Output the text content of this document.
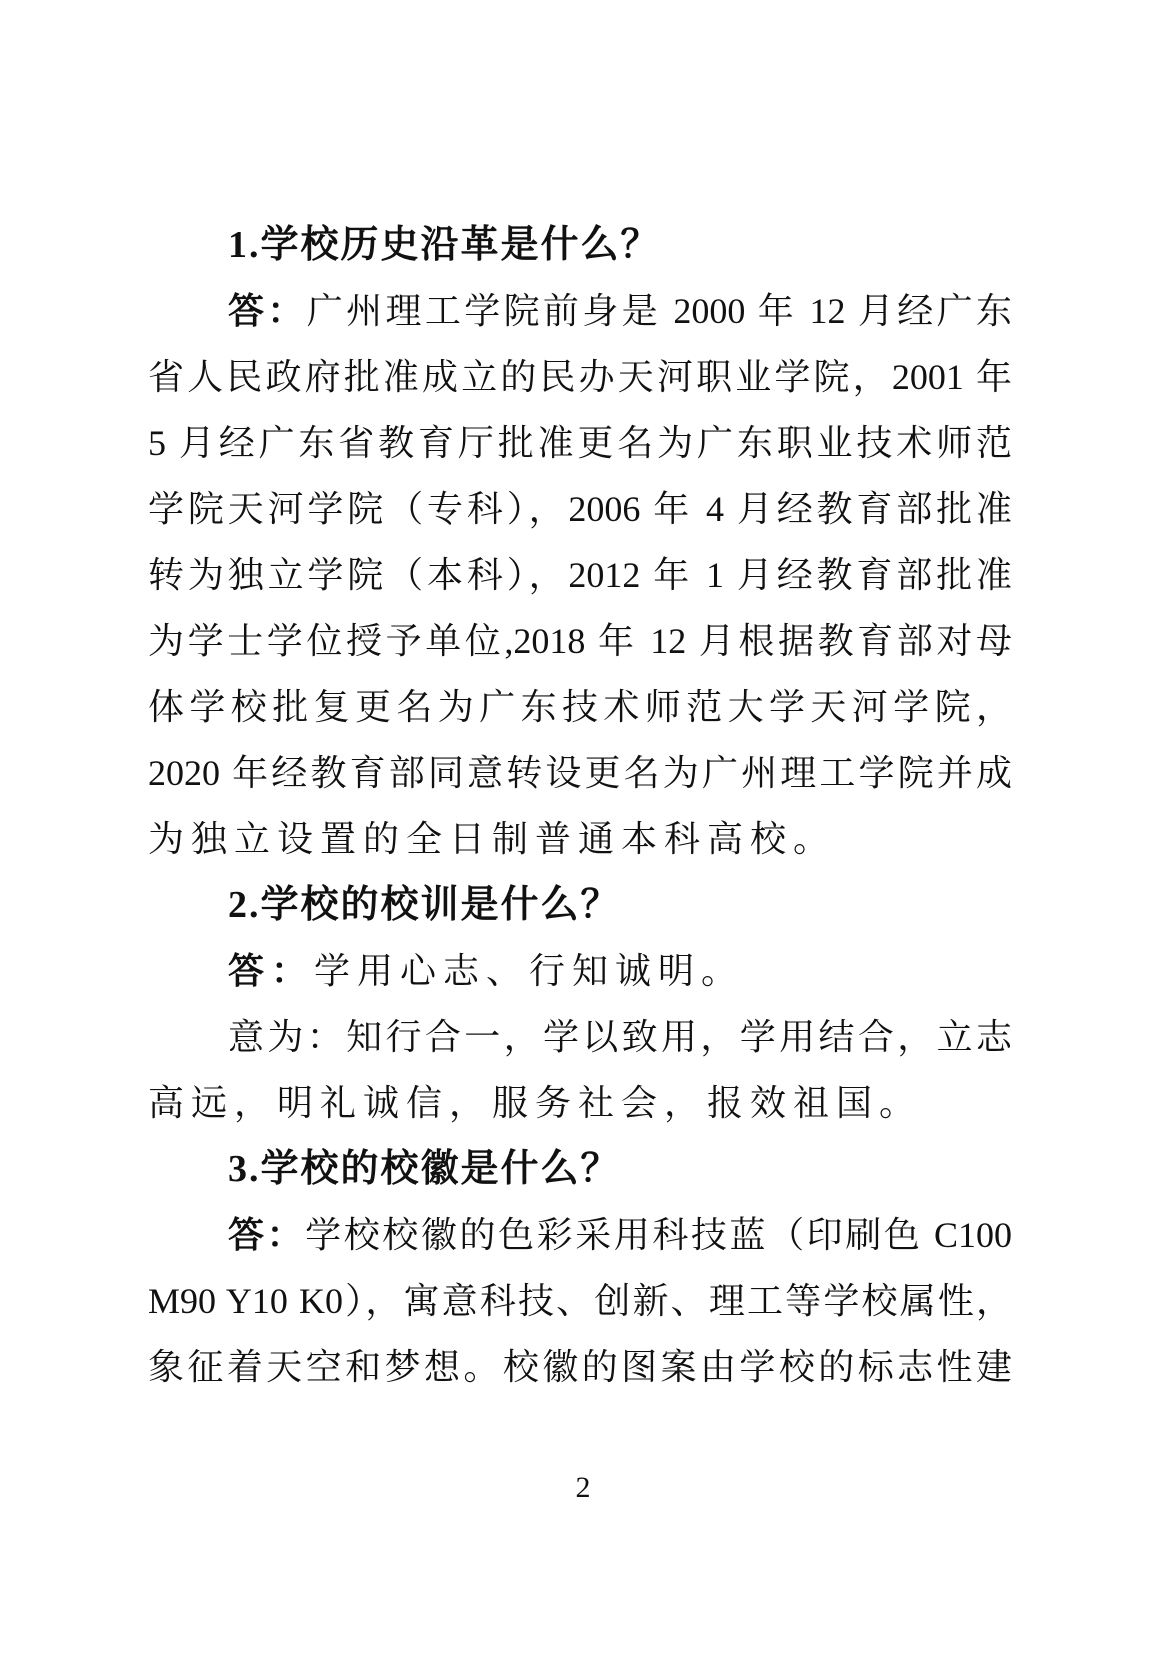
1.学校历史沿革是什么？
答：广州理工学院前身是 2000 年 12 月经广东
省人民政府批准成立的民办天河职业学院，2001 年
5 月经广东省教育厅批准更名为广东职业技术师范
学院天河学院（专科），2006 年 4 月经教育部批准
转为独立学院（本科），2012 年 1 月经教育部批准
为学士学位授予单位,2018 年 12 月根据教育部对母
体学校批复更名为广东技术师范大学天河学院，
2020 年经教育部同意转设更名为广州理工学院并成
为独立设置的全日制普通本科高校。
2.学校的校训是什么？
答：学用心志、行知诚明。
意为：知行合一，学以致用，学用结合，立志
高远，明礼诚信，服务社会，报效祖国。
3.学校的校徽是什么？
答：学校校徽的色彩采用科技蓝（印刷色 C100
M90 Y10 K0），寓意科技、创新、理工等学校属性，
象征着天空和梦想。校徽的图案由学校的标志性建
2
